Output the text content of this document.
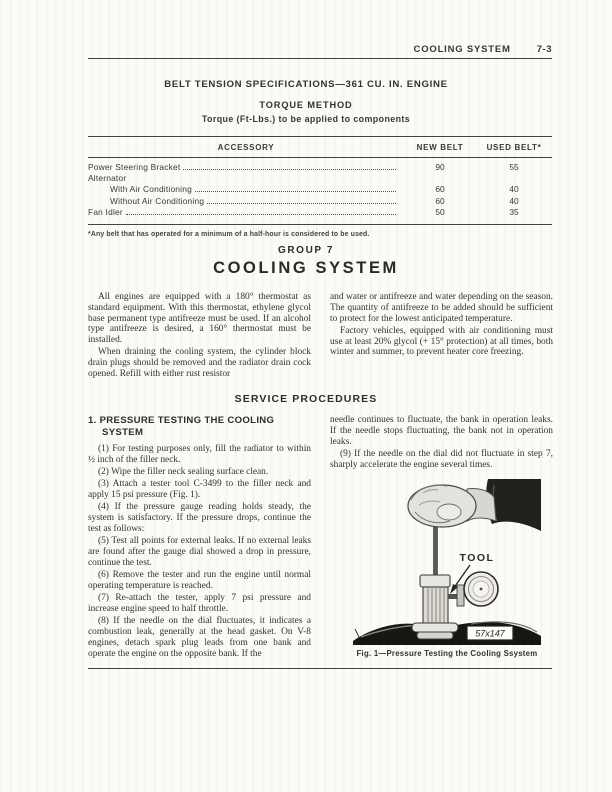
COOLING SYSTEM	7-3
BELT TENSION SPECIFICATIONS—361 CU. IN. ENGINE
TORQUE METHOD
Torque (Ft-Lbs.) to be applied to components
ACCESSORY	NEW BELT	USED BELT*
Power Steering Bracket	90	55
Alternator
With Air Conditioning	60	40
Without Air Conditioning	60	40
Fan Idler	50	35
*Any belt that has operated for a minimum of a half-hour is considered to be used.
GROUP 7
COOLING SYSTEM

All engines are equipped with a 180° thermostat as standard equipment. With this thermostat, ethylene glycol base permanent type antifreeze must be used. If an alcohol type antifreeze is desired, a 160° thermostat must be installed.

When draining the cooling system, the cylinder block drain plugs should be removed and the radiator drain cock opened. Refill with either rust resistor

and water or antifreeze and water depending on the season. The quantity of antifreeze to be added should be sufficient to protect for the lowest anticipated temperature.

Factory vehicles, equipped with air conditioning must use at least 20% glycol (+ 15° protection) at all times, both winter and summer, to prevent heater core freezing.

SERVICE PROCEDURES
1. PRESSURE TESTING THE COOLING SYSTEM

(1) For testing purposes only, fill the radiator to within ½ inch of the filler neck.

(2) Wipe the filler neck sealing surface clean.

(3) Attach a tester tool C-3499 to the filler neck and apply 15 psi pressure (Fig. 1).

(4) If the pressure gauge reading holds steady, the system is satisfactory. If the pressure drops, continue the test as follows:

(5) Test all points for external leaks. If no external leaks are found after the gauge dial showed a drop in pressure, continue the test.

(6) Remove the tester and run the engine until normal operating temperature is reached.

(7) Re-attach the tester, apply 7 psi pressure and increase engine speed to half throttle.

(8) If the needle on the dial fluctuates, it indicates a combustion leak, generally at the head gasket. On V-8 engines, detach spark plug leads from one bank and operate the engine on the opposite bank. If the

needle continues to fluctuate, the bank in operation leaks. If the needle stops fluctuating, the bank not in operation leaks.

(9) If the needle on the dial did not fluctuate in step 7, sharply accelerate the engine several times.

TOOL
57x147
Fig. 1—Pressure Testing the Cooling Ssystem
